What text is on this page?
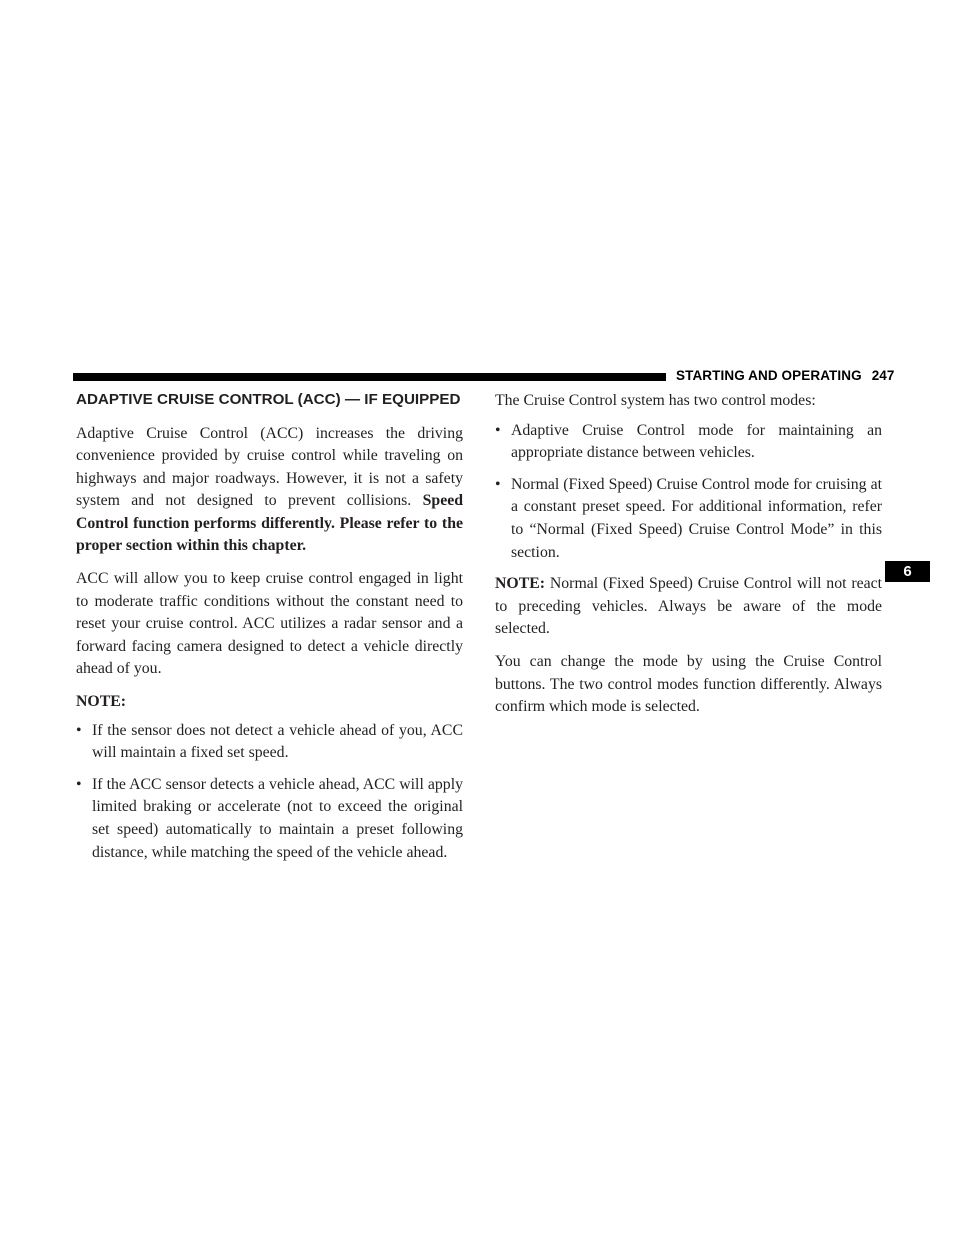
STARTING AND OPERATING 247
6
ADAPTIVE CRUISE CONTROL (ACC) — IF EQUIPPED

Adaptive Cruise Control (ACC) increases the driving convenience provided by cruise control while traveling on highways and major roadways. However, it is not a safety system and not designed to prevent collisions. Speed Control function performs differently. Please refer to the proper section within this chapter.

ACC will allow you to keep cruise control engaged in light to moderate traffic conditions without the constant need to reset your cruise control. ACC utilizes a radar sensor and a forward facing camera designed to detect a vehicle directly ahead of you.

NOTE:

• If the sensor does not detect a vehicle ahead of you, ACC will maintain a fixed set speed.
• If the ACC sensor detects a vehicle ahead, ACC will apply limited braking or accelerate (not to exceed the original set speed) automatically to maintain a preset following distance, while matching the speed of the vehicle ahead.

The Cruise Control system has two control modes:

• Adaptive Cruise Control mode for maintaining an appropriate distance between vehicles.
• Normal (Fixed Speed) Cruise Control mode for cruising at a constant preset speed. For additional information, refer to “Normal (Fixed Speed) Cruise Control Mode” in this section.

NOTE: Normal (Fixed Speed) Cruise Control will not react to preceding vehicles. Always be aware of the mode selected.

You can change the mode by using the Cruise Control buttons. The two control modes function differently. Always confirm which mode is selected.
